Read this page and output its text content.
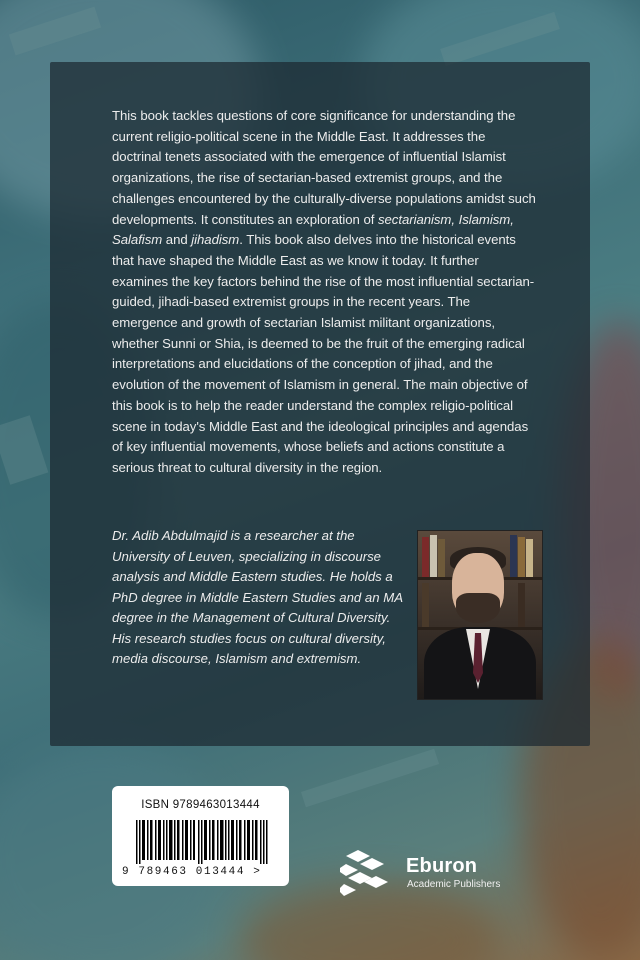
This book tackles questions of core significance for understanding the current religio-political scene in the Middle East. It addresses the doctrinal tenets associated with the emergence of influential Islamist organizations, the rise of sectarian-based extremist groups, and the challenges encountered by the culturally-diverse populations amidst such developments. It constitutes an exploration of sectarianism, Islamism, Salafism and jihadism. This book also delves into the historical events that have shaped the Middle East as we know it today. It further examines the key factors behind the rise of the most influential sectarian-guided, jihadi-based extremist groups in the recent years. The emergence and growth of sectarian Islamist militant organizations, whether Sunni or Shia, is deemed to be the fruit of the emerging radical interpretations and elucidations of the conception of jihad, and the evolution of the movement of Islamism in general. The main objective of this book is to help the reader understand the complex religio-political scene in today's Middle East and the ideological principles and agendas of key influential movements, whose beliefs and actions constitute a serious threat to cultural diversity in the region.

Dr. Adib Abdulmajid is a researcher at the University of Leuven, specializing in discourse analysis and Middle Eastern studies. He holds a PhD degree in Middle Eastern Studies and an MA degree in the Management of Cultural Diversity. His research studies focus on cultural diversity, media discourse, Islamism and extremism.

ISBN 9789463013444
9 789463 013444 >	Eburon
Academic Publishers
